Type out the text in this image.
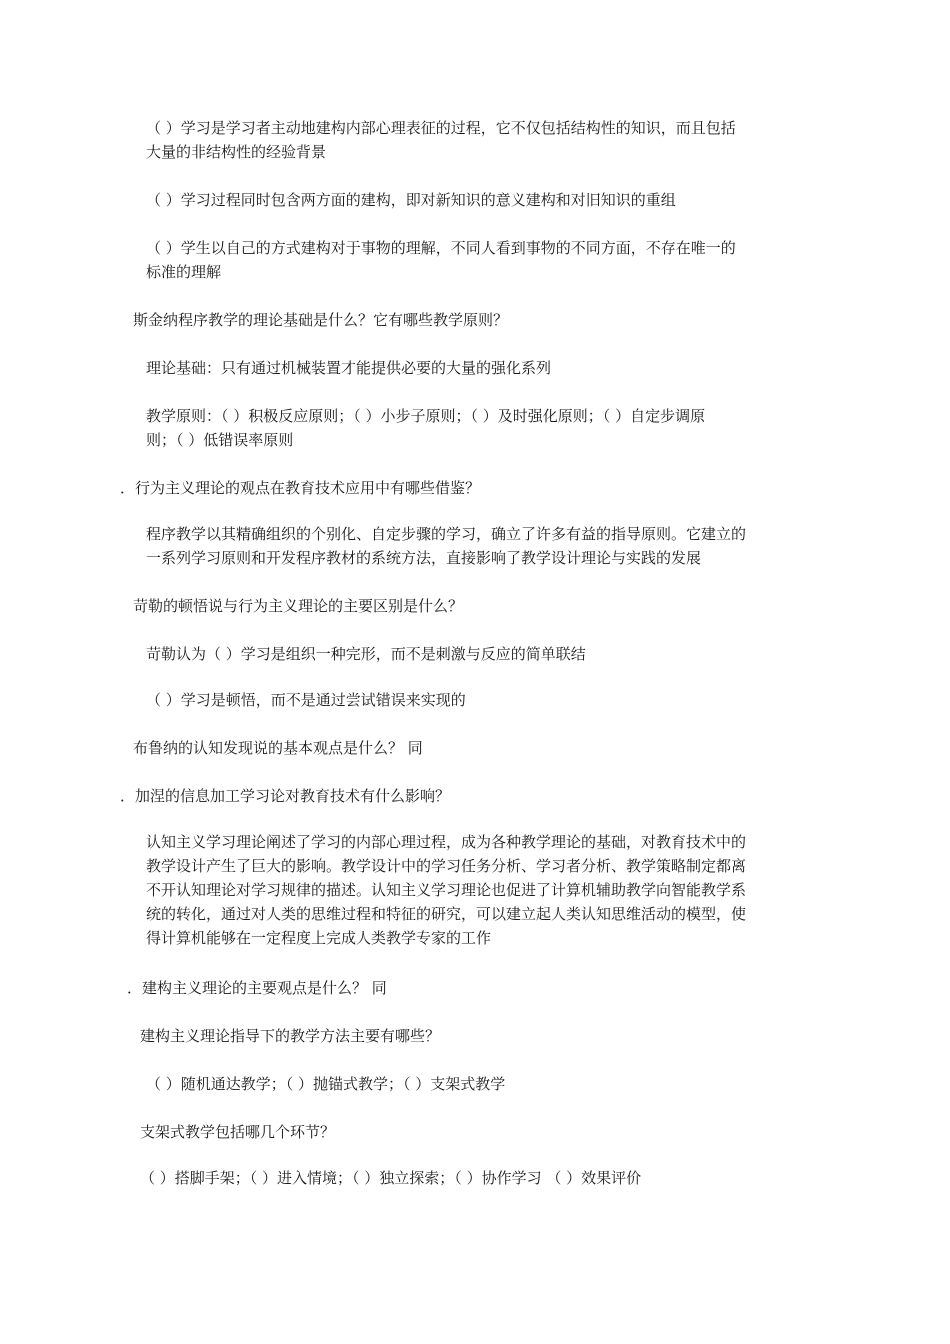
（ ）学习是学习者主动地建构内部心理表征的过程，它不仅包括结构性的知识，而且包括
大量的非结构性的经验背景

（ ）学习过程同时包含两方面的建构，即对新知识的意义建构和对旧知识的重组

（ ）学生以自己的方式建构对于事物的理解，不同人看到事物的不同方面，不存在唯一的
标准的理解

斯金纳程序教学的理论基础是什么？它有哪些教学原则？

理论基础：只有通过机械装置才能提供必要的大量的强化系列

教学原则：（ ）积极反应原则；（ ）小步子原则；（ ）及时强化原则；（ ）自定步调原
则；（ ）低错误率原则

．行为主义理论的观点在教育技术应用中有哪些借鉴？

程序教学以其精确组织的个别化、自定步骤的学习，确立了许多有益的指导原则。它建立的
一系列学习原则和开发程序教材的系统方法，直接影响了教学设计理论与实践的发展

苛勒的顿悟说与行为主义理论的主要区别是什么？

苛勒认为（ ）学习是组织一种完形，而不是刺激与反应的简单联结

（ ）学习是顿悟，而不是通过尝试错误来实现的

布鲁纳的认知发现说的基本观点是什么？ 同

．加涅的信息加工学习论对教育技术有什么影响？

认知主义学习理论阐述了学习的内部心理过程，成为各种教学理论的基础，对教育技术中的
教学设计产生了巨大的影响。教学设计中的学习任务分析、学习者分析、教学策略制定都离
不开认知理论对学习规律的描述。认知主义学习理论也促进了计算机辅助教学向智能教学系
统的转化，通过对人类的思维过程和特征的研究，可以建立起人类认知思维活动的模型，使
得计算机能够在一定程度上完成人类教学专家的工作

．建构主义理论的主要观点是什么？ 同

建构主义理论指导下的教学方法主要有哪些？

（ ）随机通达教学；（ ）抛锚式教学；（ ）支架式教学

支架式教学包括哪几个环节？

（ ）搭脚手架；（ ）进入情境；（ ）独立探索；（ ）协作学习 （ ）效果评价
